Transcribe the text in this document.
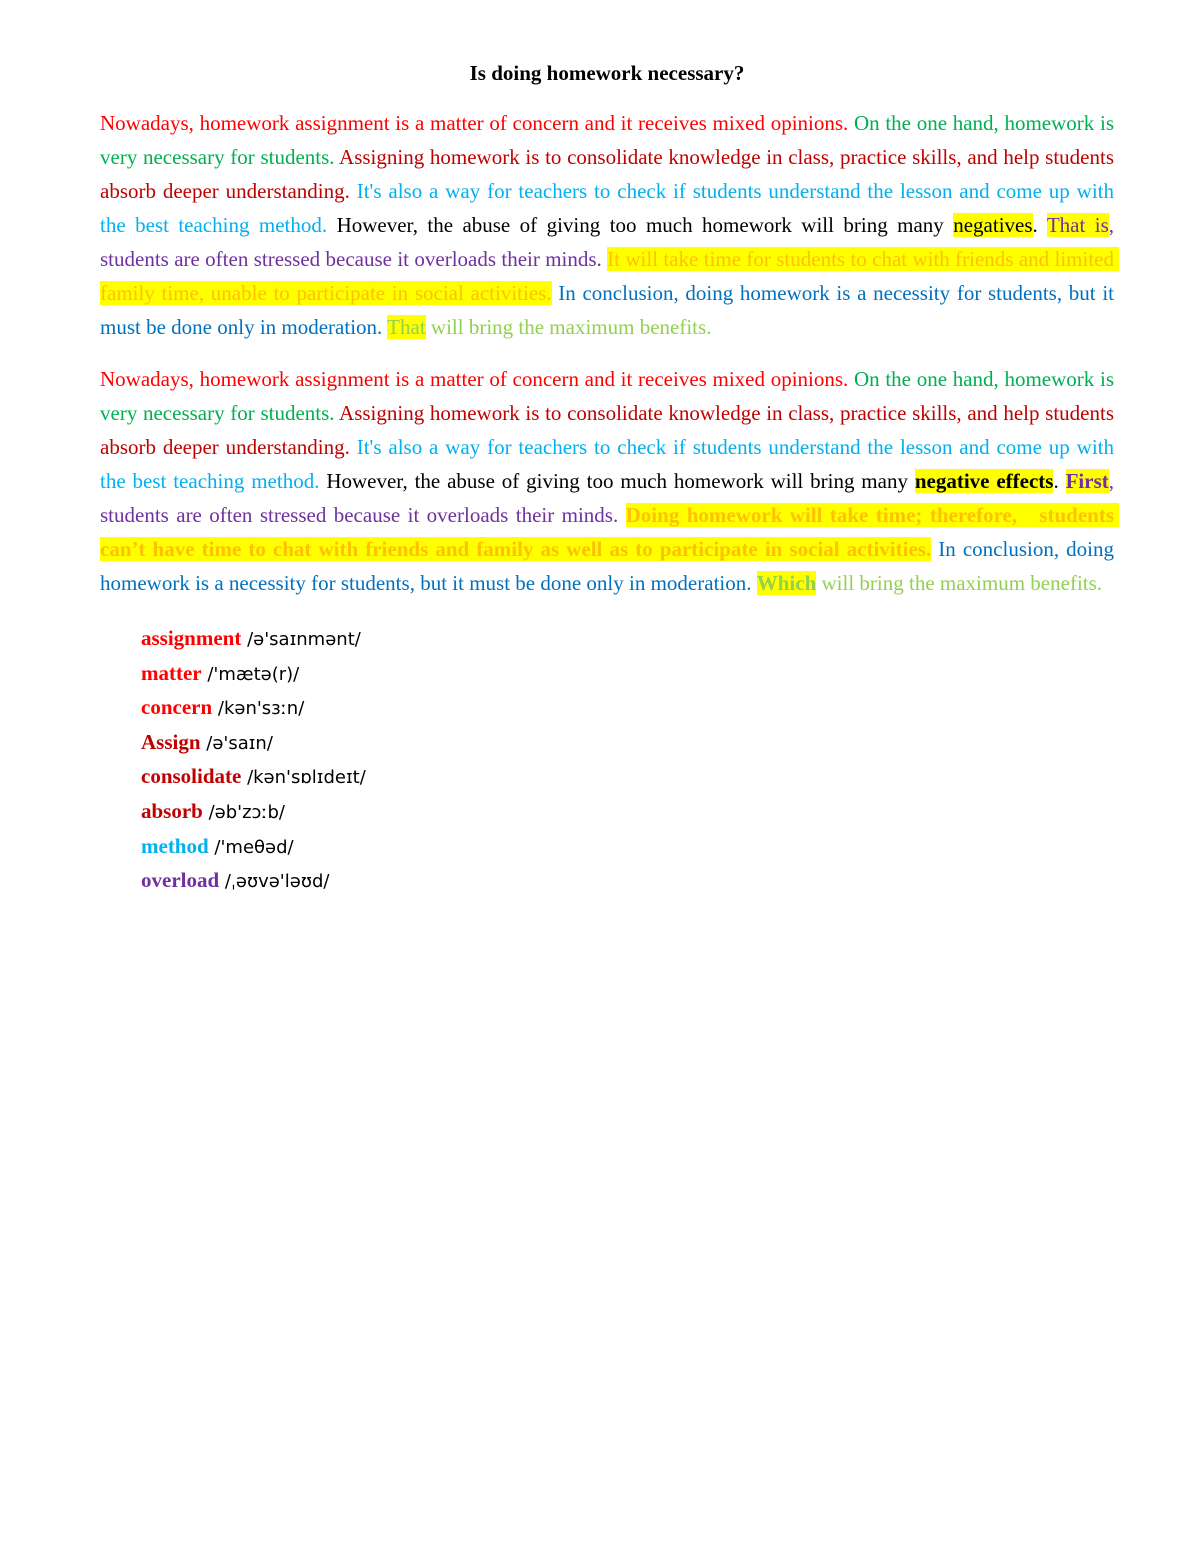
Is doing homework necessary?
Nowadays, homework assignment is a matter of concern and it receives mixed opinions. On the one hand, homework is very necessary for students. Assigning homework is to consolidate knowledge in class, practice skills, and help students absorb deeper understanding. It's also a way for teachers to check if students understand the lesson and come up with the best teaching method. However, the abuse of giving too much homework will bring many negatives. That is, students are often stressed because it overloads their minds. It will take time for students to chat with friends and limited family time, unable to participate in social activities. In conclusion, doing homework is a necessity for students, but it must be done only in moderation. That will bring the maximum benefits.
Nowadays, homework assignment is a matter of concern and it receives mixed opinions. On the one hand, homework is very necessary for students. Assigning homework is to consolidate knowledge in class, practice skills, and help students absorb deeper understanding. It's also a way for teachers to check if students understand the lesson and come up with the best teaching method. However, the abuse of giving too much homework will bring many negative effects. First, students are often stressed because it overloads their minds. Doing homework will take time; therefore,   students can’t have time to chat with friends and family as well as to participate in social activities. In conclusion, doing homework is a necessity for students, but it must be done only in moderation. Which will bring the maximum benefits.
assignment /ə'saɪnmənt/
matter /'mætə(r)/
concern /kən'sɜːn/
Assign /ə'saɪn/
consolidate /kən'sɒlɪdeɪt/
absorb /əb'zɔːb/
method /'meθəd/
overload /ˌəʊvə'ləʊd/
